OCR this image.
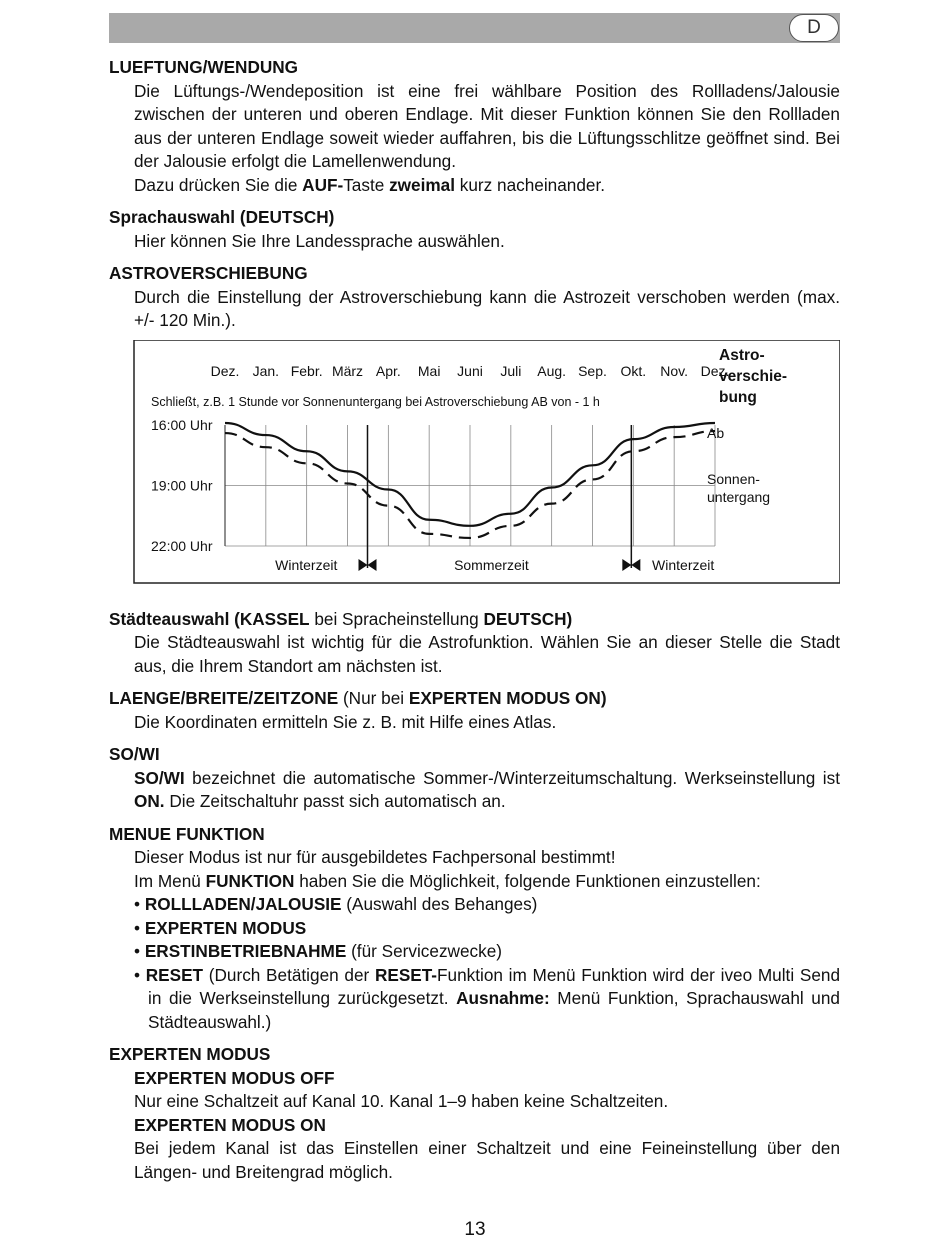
D

LUEFTUNG/WENDUNG

Die Lüftungs-/Wendeposition ist eine frei wählbare Position des Rollladens/Jalousie zwischen der unteren und oberen Endlage. Mit dieser Funktion können Sie den Rollladen aus der unteren Endlage soweit wieder auffahren, bis die Lüftungsschlitze geöffnet sind. Bei der Jalousie erfolgt die Lamellenwendung.

Dazu drücken Sie die AUF-Taste zweimal kurz nacheinander.

Sprachauswahl (DEUTSCH)

Hier können Sie Ihre Landessprache auswählen.

ASTROVERSCHIEBUNG

Durch die Einstellung der Astroverschiebung kann die Astrozeit verschoben werden (max. +/- 120 Min.).

Dez. Jan. Febr. März Apr. Mai Juni Juli Aug. Sep. Okt. Nov. Dez.
Schließt, z.B. 1 Stunde vor Sonnenuntergang bei Astroverschiebung AB von - 1 h
16:00 Uhr
19:00 Uhr
22:00 Uhr
Astro-
verschie-
bung
Ab
Sonnen-
untergang
Winterzeit	Sommerzeit	Winterzeit

Städteauswahl (KASSEL bei Spracheinstellung DEUTSCH)

Die Städteauswahl ist wichtig für die Astrofunktion. Wählen Sie an dieser Stelle die Stadt aus, die Ihrem Standort am nächsten ist.

LAENGE/BREITE/ZEITZONE (Nur bei EXPERTEN MODUS ON)

Die Koordinaten ermitteln Sie z. B. mit Hilfe eines Atlas.

SO/WI

SO/WI bezeichnet die automatische Sommer-/Winterzeitumschaltung. Werkseinstellung ist ON. Die Zeitschaltuhr passt sich automatisch an.

MENUE FUNKTION

Dieser Modus ist nur für ausgebildetes Fachpersonal bestimmt!

Im Menü FUNKTION haben Sie die Möglichkeit, folgende Funktionen einzustellen:

• ROLLLADEN/JALOUSIE (Auswahl des Behanges)

• EXPERTEN MODUS

• ERSTINBETRIEBNAHME (für Servicezwecke)

• RESET (Durch Betätigen der RESET-Funktion im Menü Funktion wird der iveo Multi Send in die Werkseinstellung zurückgesetzt. Ausnahme: Menü Funktion, Sprachauswahl und Städteauswahl.)

EXPERTEN MODUS

EXPERTEN MODUS OFF

Nur eine Schaltzeit auf Kanal 10. Kanal 1–9 haben keine Schaltzeiten.

EXPERTEN MODUS ON

Bei jedem Kanal ist das Einstellen einer Schaltzeit und eine Feineinstellung über den Längen- und Breitengrad möglich.

13
